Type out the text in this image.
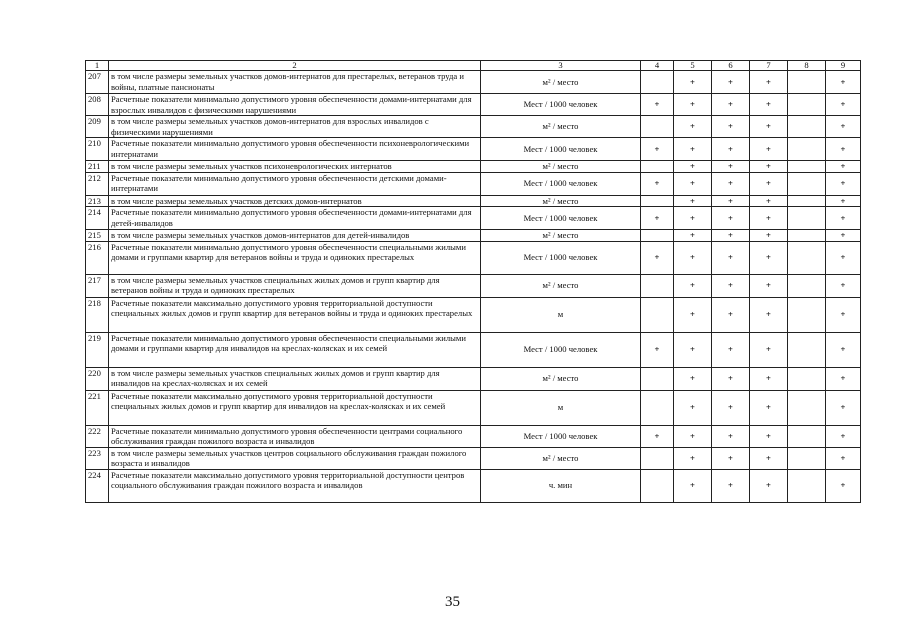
1	2	3	4	5	6	7	8	9
207	в том числе размеры земельных участков домов-интернатов для престарелых, ветеранов труда и войны, платные пансионаты	м² / место		+	+	+		+
208	Расчетные показатели минимально допустимого уровня обеспеченности домами-интернатами для взрослых инвалидов с физическими нарушениями	Мест / 1000 человек	+	+	+	+		+
209	в том числе размеры земельных участков домов-интернатов для взрослых инвалидов с физическими нарушениями	м² / место		+	+	+		+
210	Расчетные показатели минимально допустимого уровня обеспеченности психоневрологическими интернатами	Мест / 1000 человек	+	+	+	+		+
211	в том числе размеры земельных участков психоневрологических интернатов	м² / место		+	+	+		+
212	Расчетные показатели минимально допустимого уровня обеспеченности детскими домами-интернатами	Мест / 1000 человек	+	+	+	+		+
213	в том числе размеры земельных участков детских домов-интернатов	м² / место		+	+	+		+
214	Расчетные показатели минимально допустимого уровня обеспеченности домами-интернатами для детей-инвалидов	Мест / 1000 человек	+	+	+	+		+
215	в том числе размеры земельных участков домов-интернатов для детей-инвалидов	м² / место		+	+	+		+
216	Расчетные показатели минимально допустимого уровня обеспеченности специальными жилыми домами и группами квартир для ветеранов войны и труда и одиноких престарелых	Мест / 1000 человек	+	+	+	+		+
217	в том числе размеры земельных участков специальных жилых домов и групп квартир для ветеранов войны и труда и одиноких престарелых	м² / место		+	+	+		+
218	Расчетные показатели максимально допустимого уровня территориальной доступности специальных жилых домов и групп квартир для ветеранов войны и труда и одиноких престарелых	м		+	+	+		+
219	Расчетные показатели минимально допустимого уровня обеспеченности специальными жилыми домами и группами квартир для инвалидов на креслах-колясках и их семей	Мест / 1000 человек	+	+	+	+		+
220	в том числе размеры земельных участков специальных жилых домов и групп квартир для инвалидов на креслах-колясках и их семей	м² / место		+	+	+		+
221	Расчетные показатели максимально допустимого уровня территориальной доступности специальных жилых домов и групп квартир для инвалидов на креслах-колясках и их семей	м		+	+	+		+
222	Расчетные показатели минимально допустимого уровня обеспеченности центрами социального обслуживания граждан пожилого возраста и инвалидов	Мест / 1000 человек	+	+	+	+		+
223	в том числе размеры земельных участков центров социального обслуживания граждан пожилого возраста и инвалидов	м² / место		+	+	+		+
224	Расчетные показатели максимально допустимого уровня территориальной доступности центров социального обслуживания граждан пожилого возраста и инвалидов	ч. мин		+	+	+		+
35
